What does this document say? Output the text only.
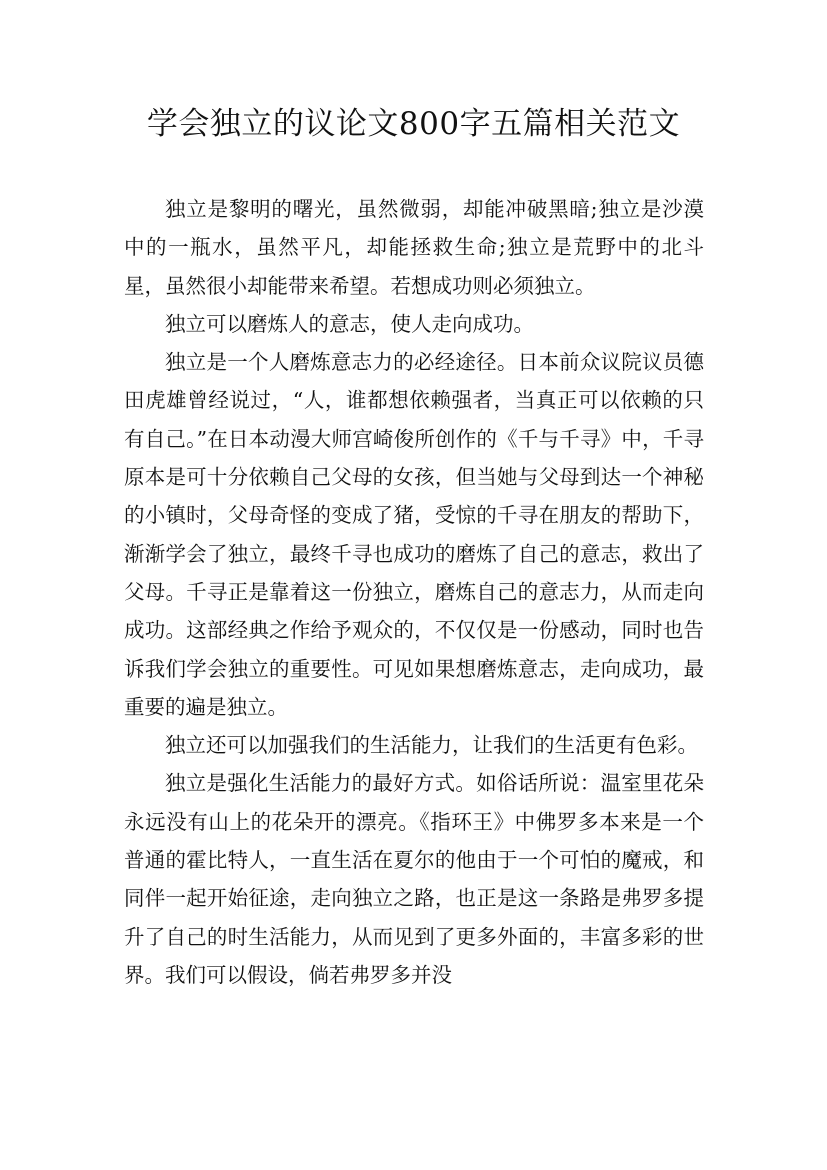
学会独立的议论文800字五篇相关范文

独立是黎明的曙光，虽然微弱，却能冲破黑暗;独立是沙漠中的一瓶水，虽然平凡，却能拯救生命;独立是荒野中的北斗星，虽然很小却能带来希望。若想成功则必须独立。

独立可以磨炼人的意志，使人走向成功。

独立是一个人磨炼意志力的必经途径。日本前众议院议员德田虎雄曾经说过，“人，谁都想依赖强者，当真正可以依赖的只有自己。”在日本动漫大师宫崎俊所创作的《千与千寻》中，千寻原本是可十分依赖自己父母的女孩，但当她与父母到达一个神秘的小镇时，父母奇怪的变成了猪，受惊的千寻在朋友的帮助下，渐渐学会了独立，最终千寻也成功的磨炼了自己的意志，救出了父母。千寻正是靠着这一份独立，磨炼自己的意志力，从而走向成功。这部经典之作给予观众的，不仅仅是一份感动，同时也告诉我们学会独立的重要性。可见如果想磨炼意志，走向成功，最重要的遍是独立。

独立还可以加强我们的生活能力，让我们的生活更有色彩。

独立是强化生活能力的最好方式。如俗话所说：温室里花朵永远没有山上的花朵开的漂亮。《指环王》中佛罗多本来是一个普通的霍比特人，一直生活在夏尔的他由于一个可怕的魔戒，和同伴一起开始征途，走向独立之路，也正是这一条路是弗罗多提升了自己的时生活能力，从而见到了更多外面的，丰富多彩的世界。我们可以假设，倘若弗罗多并没
